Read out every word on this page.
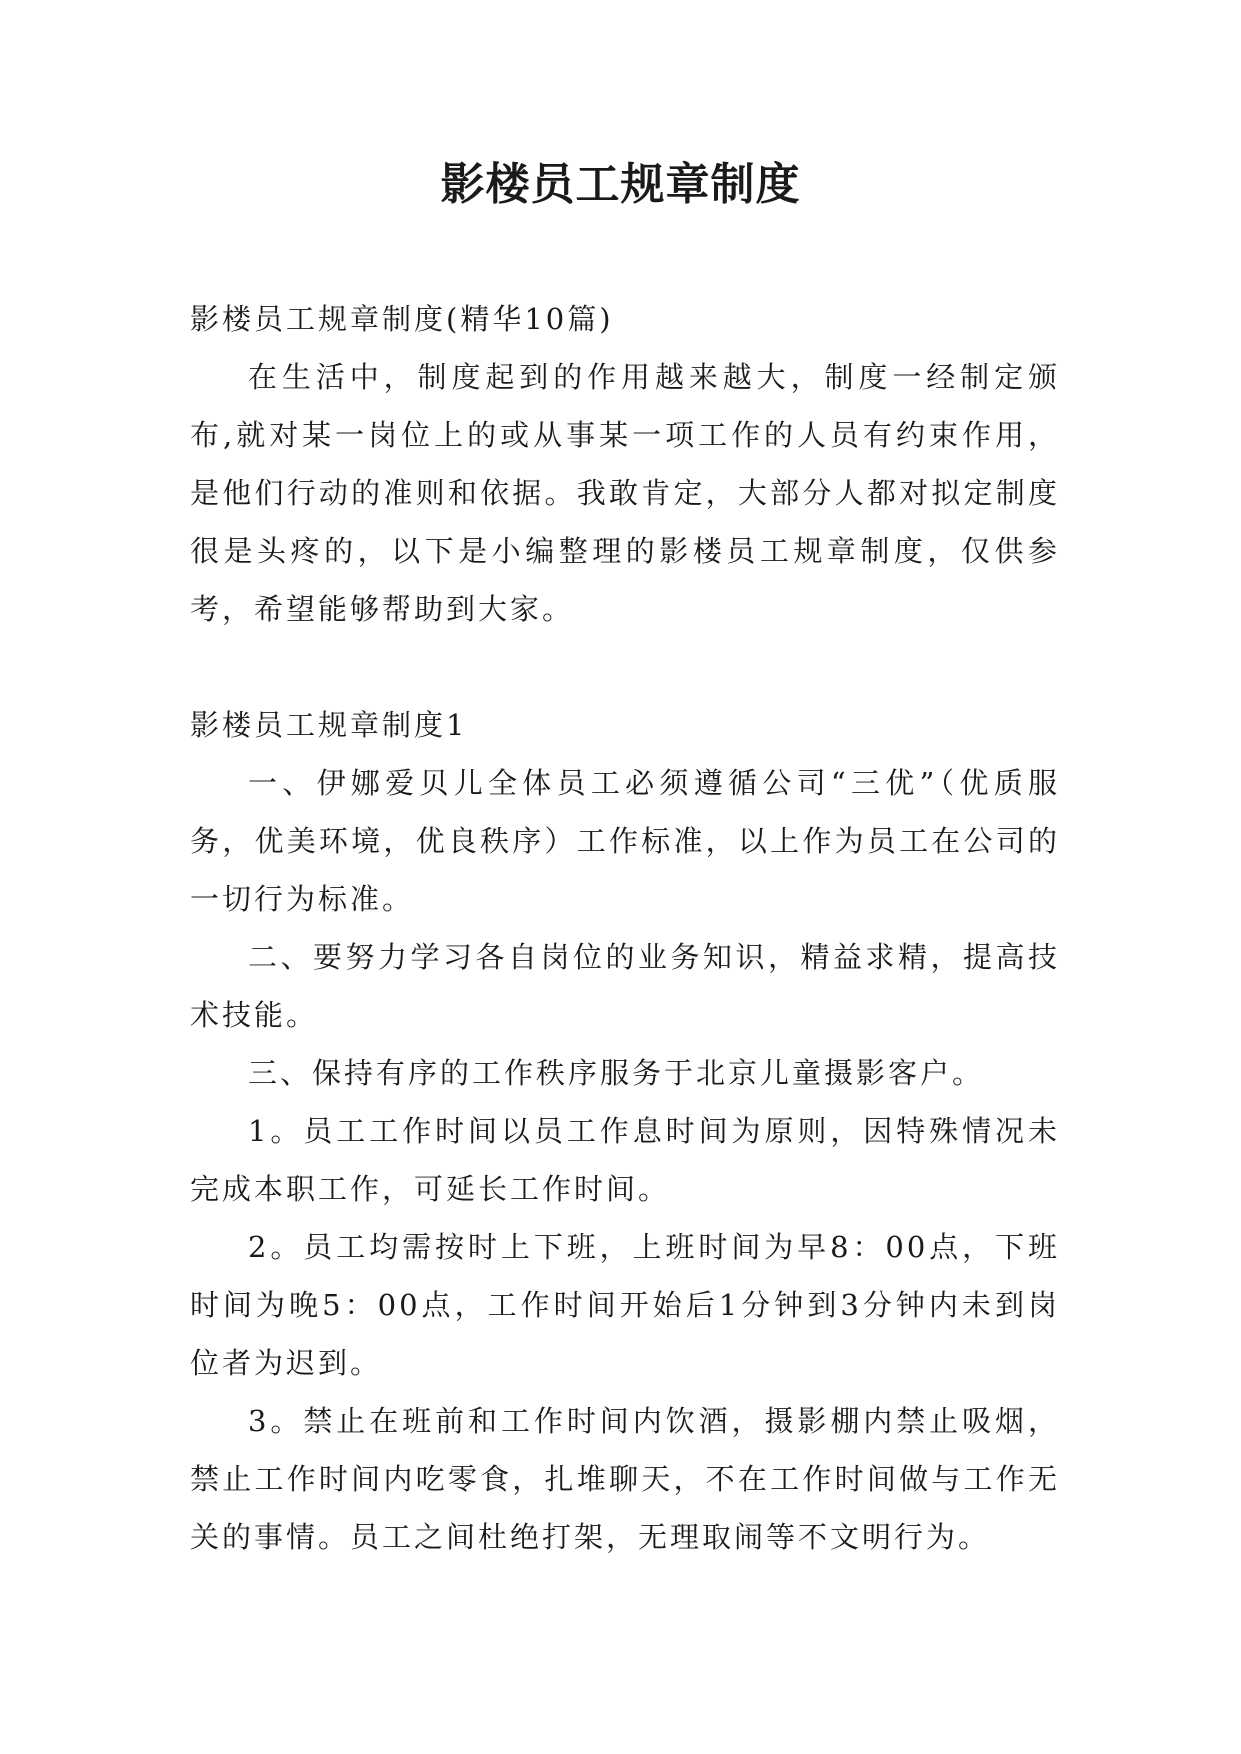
影楼员工规章制度

影楼员工规章制度(精华10篇)

在生活中，制度起到的作用越来越大，制度一经制定颁布,就对某一岗位上的或从事某一项工作的人员有约束作用，是他们行动的准则和依据。我敢肯定，大部分人都对拟定制度很是头疼的，以下是小编整理的影楼员工规章制度，仅供参考，希望能够帮助到大家。

影楼员工规章制度1

一、伊娜爱贝儿全体员工必须遵循公司“三优”（优质服务，优美环境，优良秩序）工作标准，以上作为员工在公司的一切行为标准。

二、要努力学习各自岗位的业务知识，精益求精，提高技术技能。

三、保持有序的工作秩序服务于北京儿童摄影客户。

1。员工工作时间以员工作息时间为原则，因特殊情况未完成本职工作，可延长工作时间。

2。员工均需按时上下班，上班时间为早8：00点，下班时间为晚5：00点，工作时间开始后1分钟到3分钟内未到岗位者为迟到。

3。禁止在班前和工作时间内饮酒，摄影棚内禁止吸烟，禁止工作时间内吃零食，扎堆聊天，不在工作时间做与工作无关的事情。员工之间杜绝打架，无理取闹等不文明行为。
